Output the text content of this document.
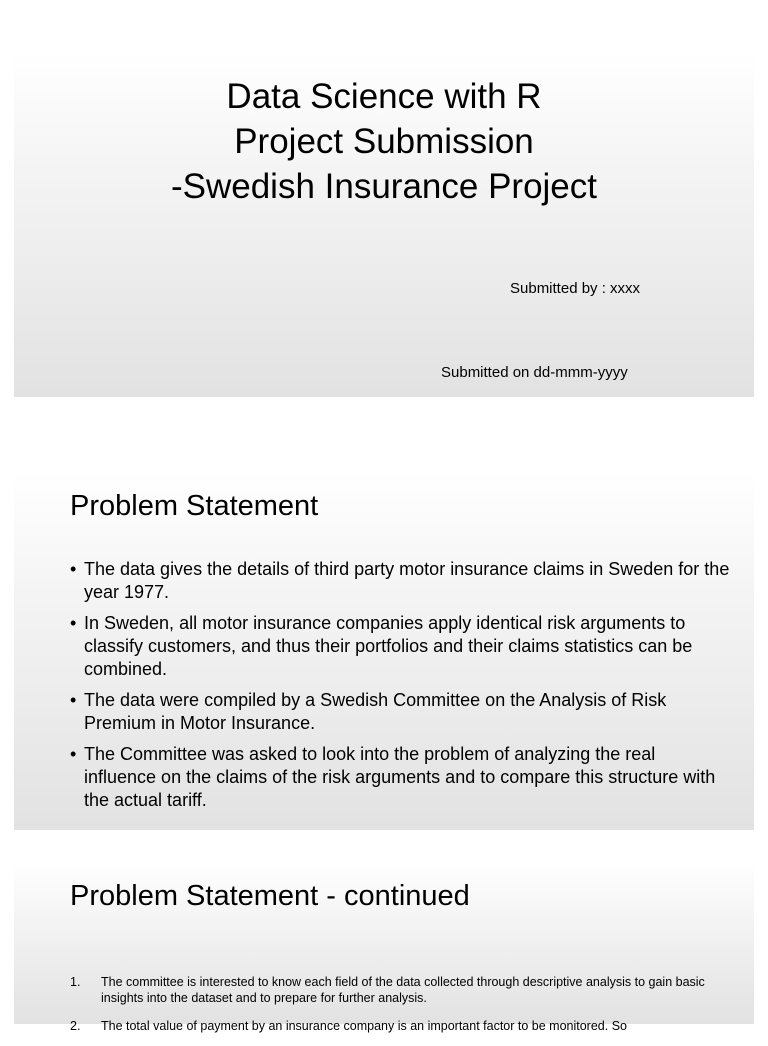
Data Science with R
Project Submission
-Swedish Insurance Project
Submitted by : xxxx
Submitted on dd-mmm-yyyy
Problem Statement
• The data gives the details of third party motor insurance claims in Sweden for the year 1977.
• In Sweden, all motor insurance companies apply identical risk arguments to classify customers, and thus their portfolios and their claims statistics can be combined.
• The data were compiled by a Swedish Committee on the Analysis of Risk Premium in Motor Insurance.
• The Committee was asked to look into the problem of analyzing the real influence on the claims of the risk arguments and to compare this structure with the actual tariff.
Problem Statement - continued
1. The committee is interested to know each field of the data collected through descriptive analysis to gain basic insights into the dataset and to prepare for further analysis.
2. The total value of payment by an insurance company is an important factor to be monitored. So
